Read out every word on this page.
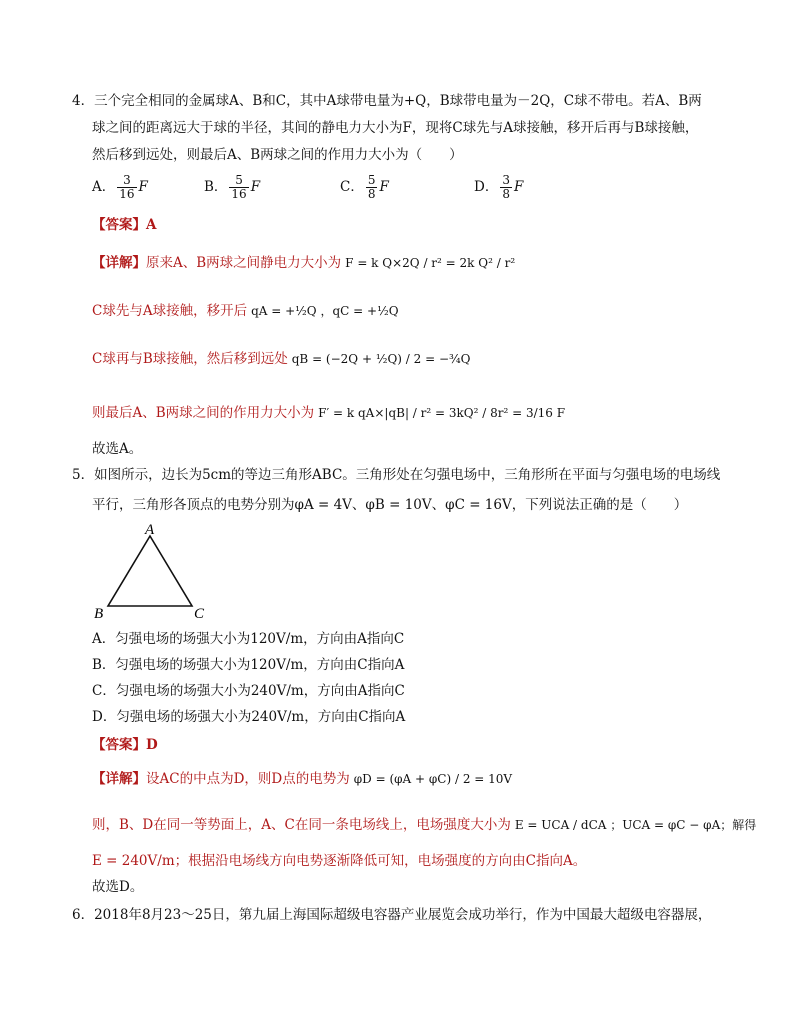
4．三个完全相同的金属球A、B和C，其中A球带电量为+Q，B球带电量为－2Q，C球不带电。若A、B两
球之间的距离远大于球的半径，其间的静电力大小为F，现将C球先与A球接触，移开后再与B球接触，
然后移到远处，则最后A、B两球之间的作用力大小为（　　）
A． $\frac{3}{16}$ F	B． $\frac{5}{16}$ F	C． $\frac{5}{8}$ F	D． $\frac{3}{8}$ F
【答案】A
【详解】原来A、B两球之间静电力大小为 F = k Q×2Q / r² = 2k Q² / r²
C球先与A球接触，移开后 qA = +½Q ，qC = +½Q
C球再与B球接触，然后移到远处 qB = (−2Q + ½Q) / 2 = −¾Q
则最后A、B两球之间的作用力大小为 F′ = k qA×|qB| / r² = 3kQ² / 8r² = 3/16 F
故选A。
5．如图所示，边长为5cm的等边三角形ABC。三角形处在匀强电场中，三角形所在平面与匀强电场的电场线
平行，三角形各顶点的电势分别为φA = 4V、φB = 10V、φC = 16V，下列说法正确的是（　　）
A
B	C
A．匀强电场的场强大小为120V/m，方向由A指向C
B．匀强电场的场强大小为120V/m，方向由C指向A
C．匀强电场的场强大小为240V/m，方向由A指向C
D．匀强电场的场强大小为240V/m，方向由C指向A
【答案】D
【详解】设AC的中点为D，则D点的电势为 φD = (φA + φC) / 2 = 10V
则，B、D在同一等势面上，A、C在同一条电场线上，电场强度大小为 E = UCA / dCA ；UCA = φC − φA；解得
E = 240V/m；根据沿电场线方向电势逐渐降低可知，电场强度的方向由C指向A。
故选D。
6．2018年8月23～25日，第九届上海国际超级电容器产业展览会成功举行，作为中国最大超级电容器展，
